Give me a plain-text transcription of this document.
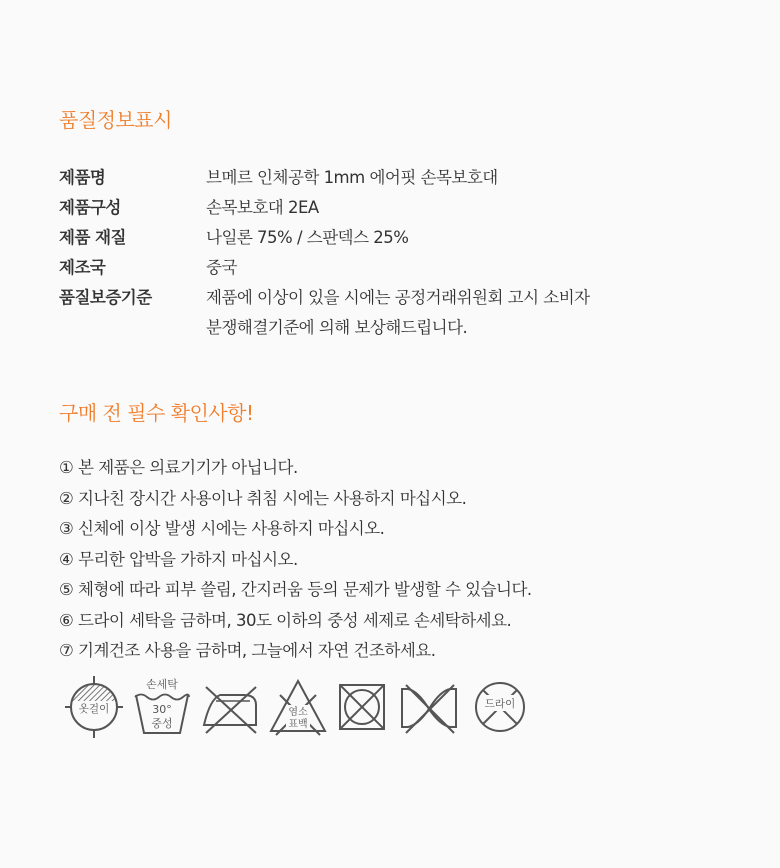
품질정보표시
제품명	브메르 인체공학 1mm 에어핏 손목보호대
제품구성	손목보호대 2EA
제품 재질	나일론 75% / 스판덱스 25%
제조국	중국
품질보증기준	제품에 이상이 있을 시에는 공정거래위원회 고시 소비자
분쟁해결기준에 의해 보상해드립니다.
구매 전 필수 확인사항!
① 본 제품은 의료기기가 아닙니다.
② 지나친 장시간 사용이나 취침 시에는 사용하지 마십시오.
③ 신체에 이상 발생 시에는 사용하지 마십시오.
④ 무리한 압박을 가하지 마십시오.
⑤ 체형에 따라 피부 쓸림, 간지러움 등의 문제가 발생할 수 있습니다.
⑥ 드라이 세탁을 금하며, 30도 이하의 중성 세제로 손세탁하세요.
⑦ 기계건조 사용을 금하며, 그늘에서 자연 건조하세요.
옷걸이
손세탁
30°
중성
염소
표백
드라이
